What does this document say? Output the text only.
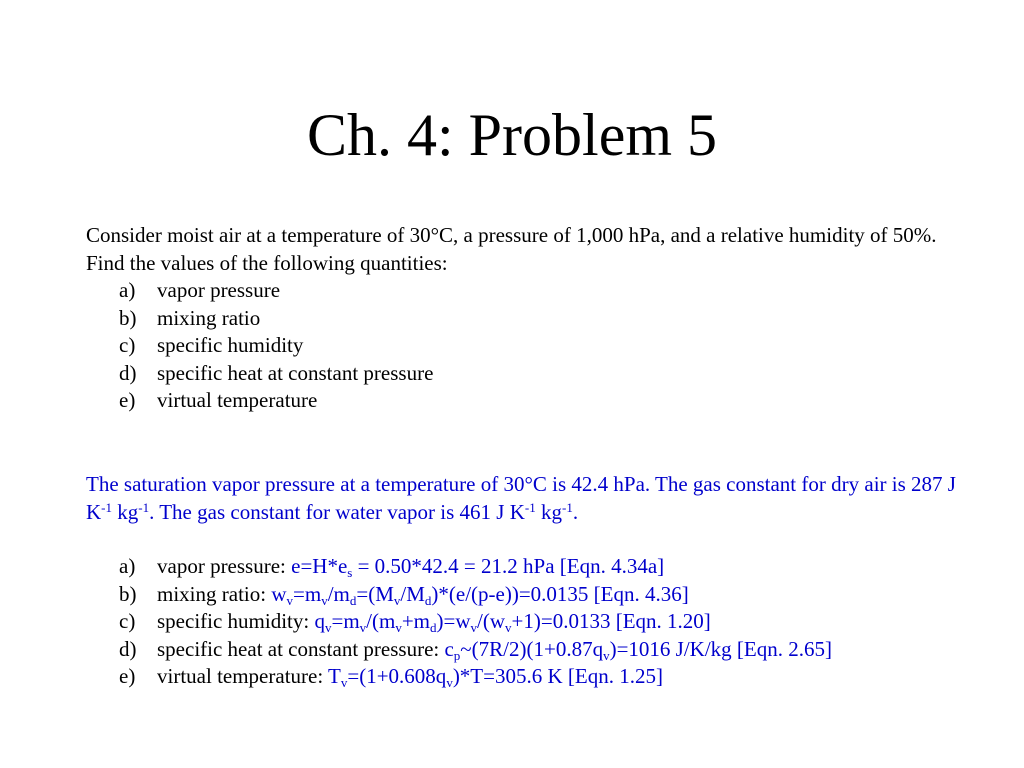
Ch. 4: Problem 5
Consider moist air at a temperature of 30°C, a pressure of 1,000 hPa, and a relative humidity of 50%. Find the values of the following quantities:
a) vapor pressure
b) mixing ratio
c) specific humidity
d) specific heat at constant pressure
e) virtual temperature
The saturation vapor pressure at a temperature of 30°C is 42.4 hPa. The gas constant for dry air is 287 J $K^{-1}$ $kg^{-1}$. The gas constant for water vapor is 461 J $K^{-1}$ $kg^{-1}$.
a) vapor pressure: $e=H*e_s = 0.50*42.4 = 21.2$ hPa [Eqn. 4.34a]
b) mixing ratio: $w_v=m_v/m_d=(M_v/M_d)*(e/(p-e))=0.0135$ [Eqn. 4.36]
c) specific humidity: $q_v=m_v/(m_v+m_d)=w_v/(w_v+1)=0.0133$ [Eqn. 1.20]
d) specific heat at constant pressure: $c_p\sim(7R/2)(1+0.87q_v)=1016$ J/K/kg [Eqn. 2.65]
e) virtual temperature: $T_v=(1+0.608q_v)*T=305.6$ K [Eqn. 1.25]
